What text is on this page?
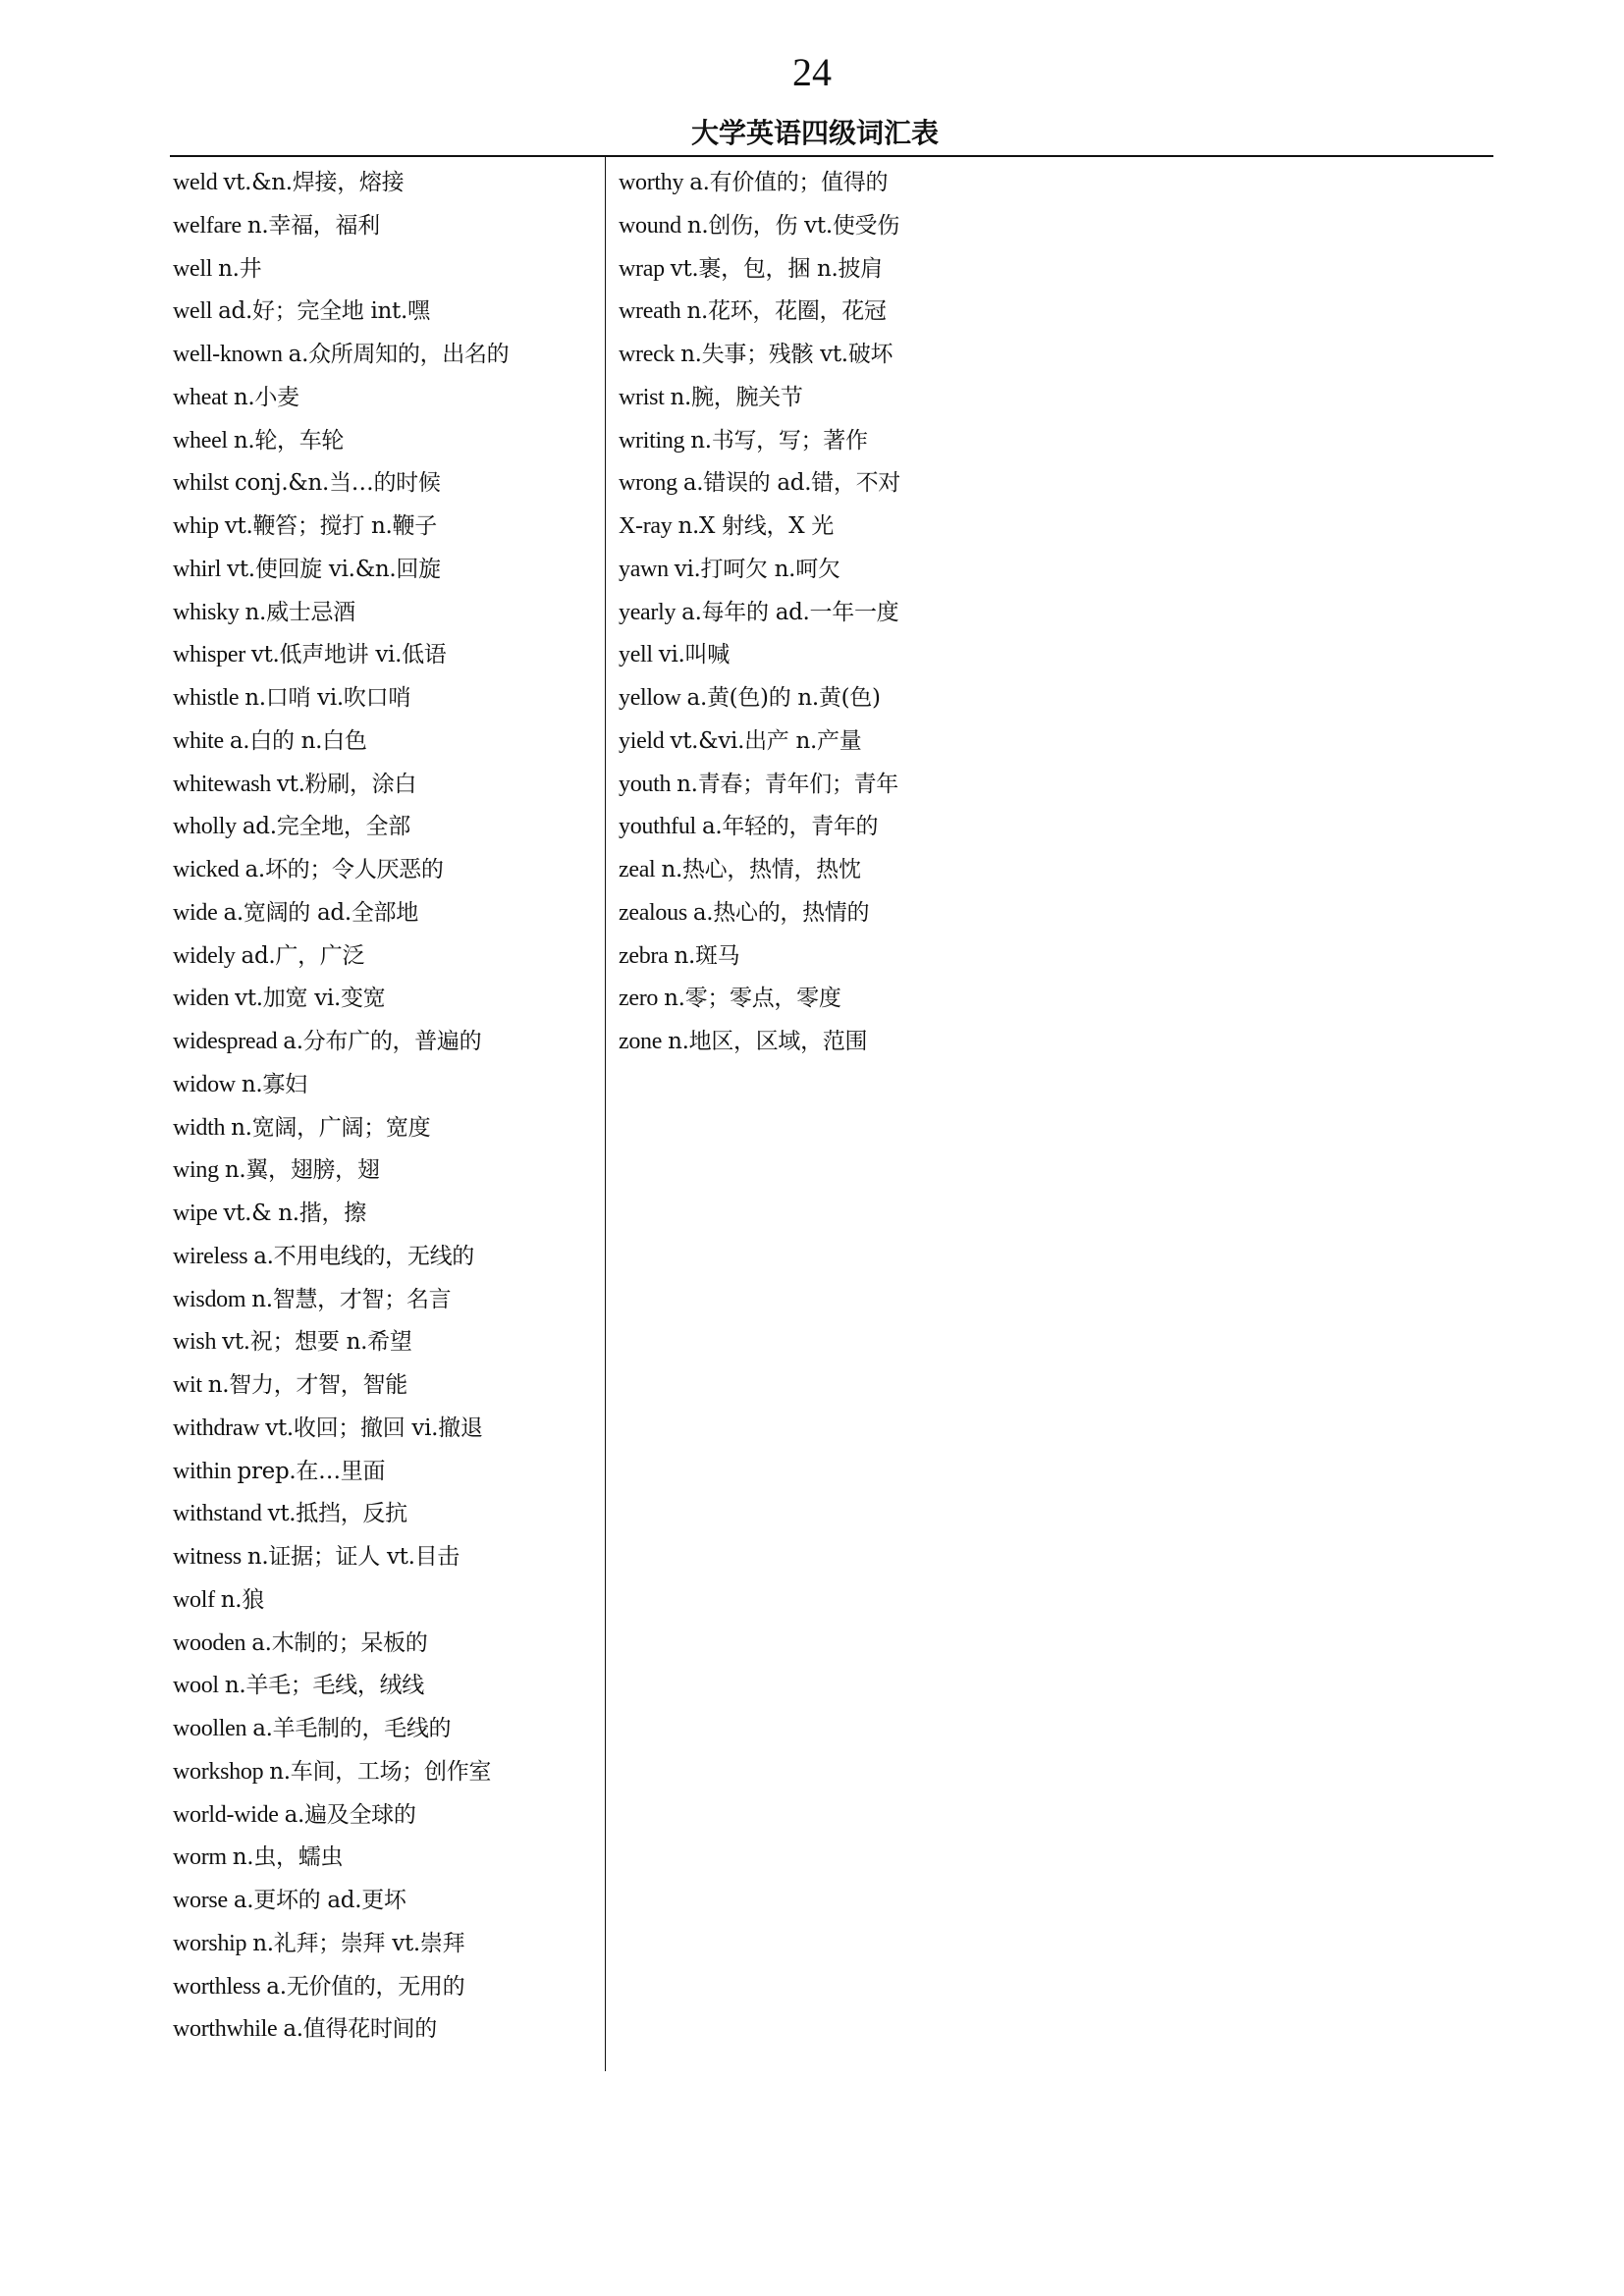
24
大学英语四级词汇表
weld vt.&n.焊接，熔接
welfare n.幸福，福利
well n.井
well ad.好；完全地 int.嘿
well-known a.众所周知的，出名的
wheat n.小麦
wheel n.轮，车轮
whilst conj.&n.当…的时候
whip vt.鞭笞；搅打 n.鞭子
whirl vt.使回旋 vi.&n.回旋
whisky n.威士忌酒
whisper vt.低声地讲 vi.低语
whistle n.口哨 vi.吹口哨
white a.白的 n.白色
whitewash vt.粉刷，涂白
wholly ad.完全地，全部
wicked a.坏的；令人厌恶的
wide a.宽阔的 ad.全部地
widely ad.广，广泛
widen vt.加宽 vi.变宽
widespread a.分布广的，普遍的
widow n.寡妇
width n.宽阔，广阔；宽度
wing n.翼，翅膀，翅
wipe vt.& n.揩，擦
wireless a.不用电线的，无线的
wisdom n.智慧，才智；名言
wish vt.祝；想要 n.希望
wit n.智力，才智，智能
withdraw vt.收回；撤回 vi.撤退
within prep.在…里面
withstand vt.抵挡，反抗
witness n.证据；证人 vt.目击
wolf n.狼
wooden a.木制的；呆板的
wool n.羊毛；毛线，绒线
woollen a.羊毛制的，毛线的
workshop n.车间，工场；创作室
world-wide a.遍及全球的
worm n.虫，蠕虫
worse a.更坏的 ad.更坏
worship n.礼拜；崇拜 vt.崇拜
worthless a.无价值的，无用的
worthwhile a.值得花时间的
worthy a.有价值的；值得的
wound n.创伤，伤 vt.使受伤
wrap vt.裹，包，捆 n.披肩
wreath n.花环，花圈，花冠
wreck n.失事；残骸 vt.破坏
wrist n.腕，腕关节
writing n.书写，写；著作
wrong a.错误的 ad.错，不对
X-ray n.X 射线，X 光
yawn vi.打呵欠 n.呵欠
yearly a.每年的 ad.一年一度
yell vi.叫喊
yellow a.黄(色)的 n.黄(色)
yield vt.&vi.出产 n.产量
youth n.青春；青年们；青年
youthful a.年轻的，青年的
zeal n.热心，热情，热忱
zealous a.热心的，热情的
zebra n.斑马
zero n.零；零点，零度
zone n.地区，区域，范围
